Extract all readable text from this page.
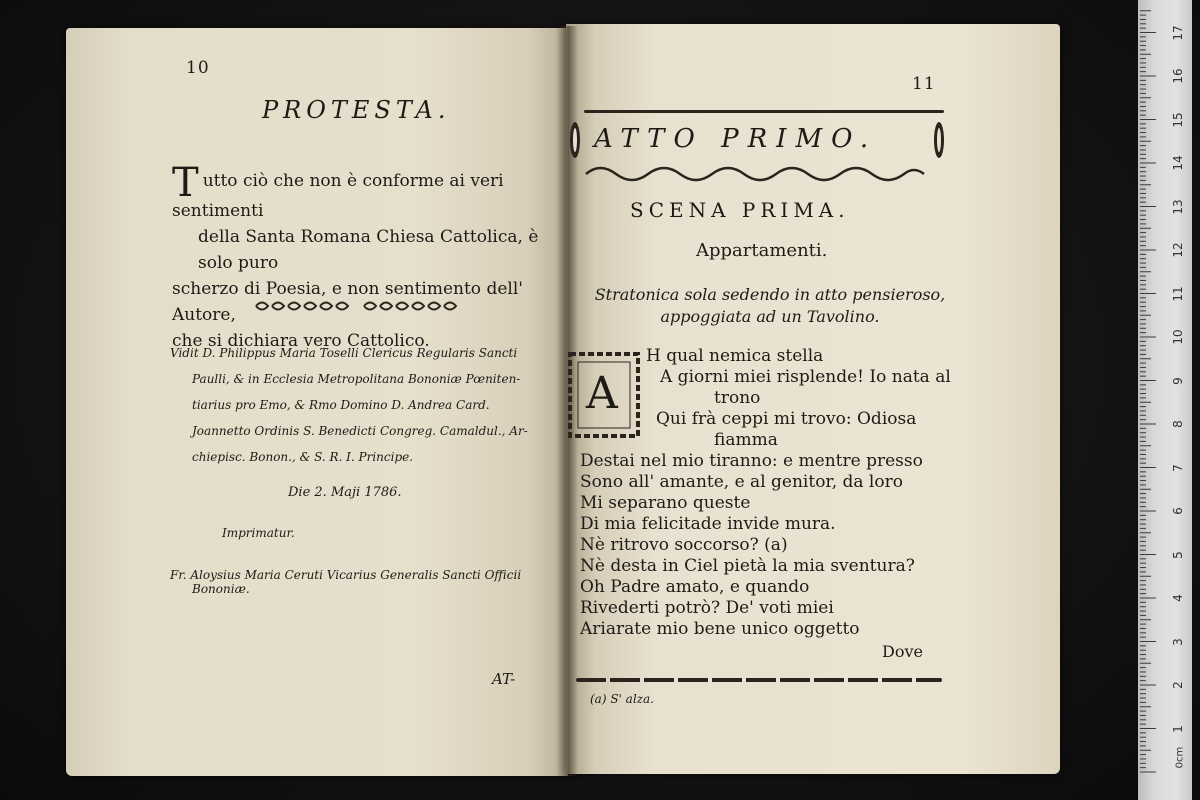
10
PROTESTA.
Tutto ciò che non è conforme ai veri sentimenti
della Santa Romana Chiesa Cattolica, è solo puro
scherzo di Poesia, e non sentimento dell' Autore,
che si dichiara vero Cattolico.
Vidit D. Philippus Maria Toselli Clericus Regularis Sancti
Paulli, & in Ecclesia Metropolitana Bononiæ Pœniten-
tiarius pro Emo, & Rmo Domino D. Andrea Card.
Joannetto Ordinis S. Benedicti Congreg. Camaldul., Ar-
chiepisc. Bonon., & S. R. I. Principe.
Die 2. Maji 1786.
Imprimatur.
Fr. Aloysius Maria Ceruti Vicarius Generalis Sancti Officii
Bononiæ.
AT-
11
ATTO PRIMO.
SCENA PRIMA.
Appartamenti.
Stratonica sola sedendo in atto pensieroso,
appoggiata ad un Tavolino.
A
H qual nemica stella
A giorni miei risplende! Io nata al
trono
Qui frà ceppi mi trovo: Odiosa
fiamma
Destai nel mio tiranno: e mentre presso
Sono all' amante, e al genitor, da loro
Mi separano queste
Di mia felicitade invide mura.
Nè ritrovo soccorso? (a)
Nè desta in Ciel pietà la mia sventura?
Oh Padre amato, e quando
Rivederti potrò? De' voti miei
Ariarate mio bene unico oggetto
Dove
(a) S' alza.
0cm
1
2
3
4
5
6
7
8
9
10
11
12
13
14
15
16
17
